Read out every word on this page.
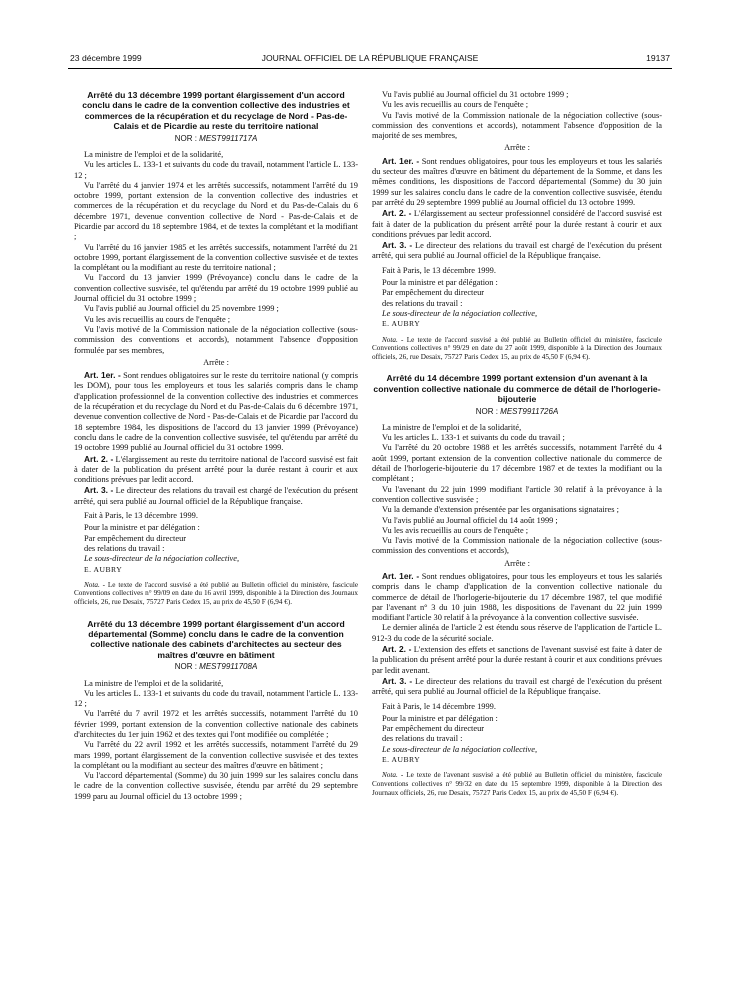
23 décembre 1999	JOURNAL OFFICIEL DE LA RÉPUBLIQUE FRANÇAISE	19137
Arrêté du 13 décembre 1999 portant élargissement d'un accord conclu dans le cadre de la convention collective des industries et commerces de la récupération et du recyclage de Nord - Pas-de-Calais et de Picardie au reste du territoire national
NOR : MEST9911717A

La ministre de l'emploi et de la solidarité,

Vu les articles L. 133-1 et suivants du code du travail, notamment l'article L. 133-12 ;

Vu l'arrêté du 4 janvier 1974 et les arrêtés successifs, notamment l'arrêté du 19 octobre 1999, portant extension de la convention collective des industries et commerces de la récupération et du recyclage du Nord et du Pas-de-Calais du 6 décembre 1971, devenue convention collective de Nord - Pas-de-Calais et de Picardie par accord du 18 septembre 1984, et de textes la complétant et la modifiant ;

Vu l'arrêté du 16 janvier 1985 et les arrêtés successifs, notamment l'arrêté du 21 octobre 1999, portant élargissement de la convention collective susvisée et de textes la complétant ou la modifiant au reste du territoire national ;

Vu l'accord du 13 janvier 1999 (Prévoyance) conclu dans le cadre de la convention collective susvisée, tel qu'étendu par arrêté du 19 octobre 1999 publié au Journal officiel du 31 octobre 1999 ;

Vu l'avis publié au Journal officiel du 25 novembre 1999 ;

Vu les avis recueillis au cours de l'enquête ;

Vu l'avis motivé de la Commission nationale de la négociation collective (sous-commission des conventions et accords), notamment l'absence d'opposition formulée par ses membres,

Arrête :

Art. 1er. - Sont rendues obligatoires sur le reste du territoire national (y compris les DOM), pour tous les employeurs et tous les salariés compris dans le champ d'application professionnel de la convention collective des industries et commerces de la récupération et du recyclage du Nord et du Pas-de-Calais du 6 décembre 1971, devenue convention collective de Nord - Pas-de-Calais et de Picardie par l'accord du 18 septembre 1984, les dispositions de l'accord du 13 janvier 1999 (Prévoyance) conclu dans le cadre de la convention collective susvisée, tel qu'étendu par arrêté du 19 octobre 1999 publié au Journal officiel du 31 octobre 1999.

Art. 2. - L'élargissement au reste du territoire national de l'accord susvisé est fait à dater de la publication du présent arrêté pour la durée restant à courir et aux conditions prévues par ledit accord.

Art. 3. - Le directeur des relations du travail est chargé de l'exécution du présent arrêté, qui sera publié au Journal officiel de la République française.

Fait à Paris, le 13 décembre 1999.

Pour la ministre et par délégation :

Par empêchement du directeur

des relations du travail :

Le sous-directeur de la négociation collective,

E. AUBRY

Nota. - Le texte de l'accord susvisé a été publié au Bulletin officiel du ministère, fascicule Conventions collectives n° 99/09 en date du 16 avril 1999, disponible à la Direction des Journaux officiels, 26, rue Desaix, 75727 Paris Cedex 15, au prix de 45,50 F (6,94 €).

Arrêté du 13 décembre 1999 portant élargissement d'un accord départemental (Somme) conclu dans le cadre de la convention collective nationale des cabinets d'architectes au secteur des maîtres d'œuvre en bâtiment
NOR : MEST9911708A

La ministre de l'emploi et de la solidarité,

Vu les articles L. 133-1 et suivants du code du travail, notamment l'article L. 133-12 ;

Vu l'arrêté du 7 avril 1972 et les arrêtés successifs, notamment l'arrêté du 10 février 1999, portant extension de la convention collective nationale des cabinets d'architectes du 1er juin 1962 et des textes qui l'ont modifiée ou complétée ;

Vu l'arrêté du 22 avril 1992 et les arrêtés successifs, notamment l'arrêté du 29 mars 1999, portant élargissement de la convention collective susvisée et des textes la complétant ou la modifiant au secteur des maîtres d'œuvre en bâtiment ;

Vu l'accord départemental (Somme) du 30 juin 1999 sur les salaires conclu dans le cadre de la convention collective susvisée, étendu par arrêté du 29 septembre 1999 paru au Journal officiel du 13 octobre 1999 ;

Vu l'avis publié au Journal officiel du 31 octobre 1999 ;

Vu les avis recueillis au cours de l'enquête ;

Vu l'avis motivé de la Commission nationale de la négociation collective (sous-commission des conventions et accords), notamment l'absence d'opposition de la majorité de ses membres,

Arrête :

Art. 1er. - Sont rendues obligatoires, pour tous les employeurs et tous les salariés du secteur des maîtres d'œuvre en bâtiment du département de la Somme, et dans les mêmes conditions, les dispositions de l'accord départemental (Somme) du 30 juin 1999 sur les salaires conclu dans le cadre de la convention collective susvisée, étendu par arrêté du 29 septembre 1999 publié au Journal officiel du 13 octobre 1999.

Art. 2. - L'élargissement au secteur professionnel considéré de l'accord susvisé est fait à dater de la publication du présent arrêté pour la durée restant à courir et aux conditions prévues par ledit accord.

Art. 3. - Le directeur des relations du travail est chargé de l'exécution du présent arrêté, qui sera publié au Journal officiel de la République française.

Fait à Paris, le 13 décembre 1999.

Pour la ministre et par délégation :

Par empêchement du directeur

des relations du travail :

Le sous-directeur de la négociation collective,

E. AUBRY

Nota. - Le texte de l'accord susvisé a été publié au Bulletin officiel du ministère, fascicule Conventions collectives n° 99/29 en date du 27 août 1999, disponible à la Direction des Journaux officiels, 26, rue Desaix, 75727 Paris Cedex 15, au prix de 45,50 F (6,94 €).

Arrêté du 14 décembre 1999 portant extension d'un avenant à la convention collective nationale du commerce de détail de l'horlogerie-bijouterie
NOR : MEST9911726A

La ministre de l'emploi et de la solidarité,

Vu les articles L. 133-1 et suivants du code du travail ;

Vu l'arrêté du 20 octobre 1988 et les arrêtés successifs, notamment l'arrêté du 4 août 1999, portant extension de la convention collective nationale du commerce de détail de l'horlogerie-bijouterie du 17 décembre 1987 et de textes la modifiant ou la complétant ;

Vu l'avenant du 22 juin 1999 modifiant l'article 30 relatif à la prévoyance à la convention collective susvisée ;

Vu la demande d'extension présentée par les organisations signataires ;

Vu l'avis publié au Journal officiel du 14 août 1999 ;

Vu les avis recueillis au cours de l'enquête ;

Vu l'avis motivé de la Commission nationale de la négociation collective (sous-commission des conventions et accords),

Arrête :

Art. 1er. - Sont rendues obligatoires, pour tous les employeurs et tous les salariés compris dans le champ d'application de la convention collective nationale du commerce de détail de l'horlogerie-bijouterie du 17 décembre 1987, tel que modifié par l'avenant n° 3 du 10 juin 1988, les dispositions de l'avenant du 22 juin 1999 modifiant l'article 30 relatif à la prévoyance à la convention collective susvisée.

Le dernier alinéa de l'article 2 est étendu sous réserve de l'application de l'article L. 912-3 du code de la sécurité sociale.

Art. 2. - L'extension des effets et sanctions de l'avenant susvisé est faite à dater de la publication du présent arrêté pour la durée restant à courir et aux conditions prévues par ledit avenant.

Art. 3. - Le directeur des relations du travail est chargé de l'exécution du présent arrêté, qui sera publié au Journal officiel de la République française.

Fait à Paris, le 14 décembre 1999.

Pour la ministre et par délégation :

Par empêchement du directeur

des relations du travail :

Le sous-directeur de la négociation collective,

E. AUBRY

Nota. - Le texte de l'avenant susvisé a été publié au Bulletin officiel du ministère, fascicule Conventions collectives n° 99/32 en date du 15 septembre 1999, disponible à la Direction des Journaux officiels, 26, rue Desaix, 75727 Paris Cedex 15, au prix de 45,50 F (6,94 €).
